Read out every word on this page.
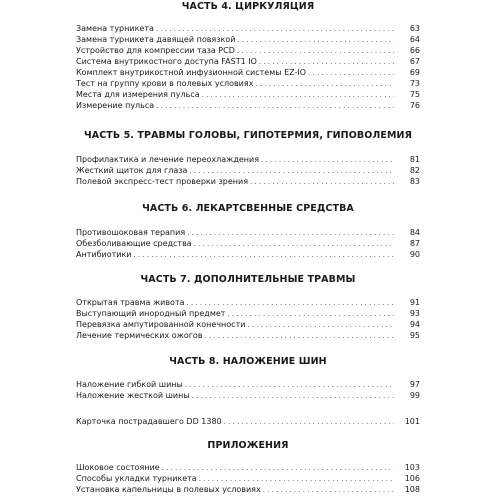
ЧАСТЬ 4. ЦИРКУЛЯЦИЯ
Замена турникета . . .	63
Замена турникета давящей повязкой . . .	64
Устройство для компрессии таза PCD . . .	66
Система внутрикостного доступа FAST1 IO . . .	67
Комплект внутрикостной инфузионной системы EZ-IO . . .	69
Тест на группу крови в полевых условиях . . .	73
Места для измерения пульса . . .	75
Измерение пульса . . .	76
ЧАСТЬ 5. ТРАВМЫ ГОЛОВЫ, ГИПОТЕРМИЯ, ГИПОВОЛЕМИЯ
Профилактика и лечение переохлаждения . . .	81
Жесткий щиток для глаза . . .	82
Полевой экспресс-тест проверки зрения . . .	83
ЧАСТЬ 6. ЛЕКАРТСВЕННЫЕ СРЕДСТВА
Противошоковая терапия . . .	84
Обезболивающие средства . . .	87
Антибиотики . . .	90
ЧАСТЬ 7. ДОПОЛНИТЕЛЬНЫЕ ТРАВМЫ
Открытая травма живота . . .	91
Выступающий инородный предмет . . .	93
Перевязка ампутированной конечности . . .	94
Лечение термических ожогов . . .	95
ЧАСТЬ 8. НАЛОЖЕНИЕ ШИН
Наложение гибкой шины . . .	97
Наложение жесткой шины . . .	99
Карточка пострадавшего DD 1380 . . .	101
ПРИЛОЖЕНИЯ
Шоковое состояние . . .	103
Способы укладки турникета . . .	106
Установка капельницы в полевых условиях . . .	108
